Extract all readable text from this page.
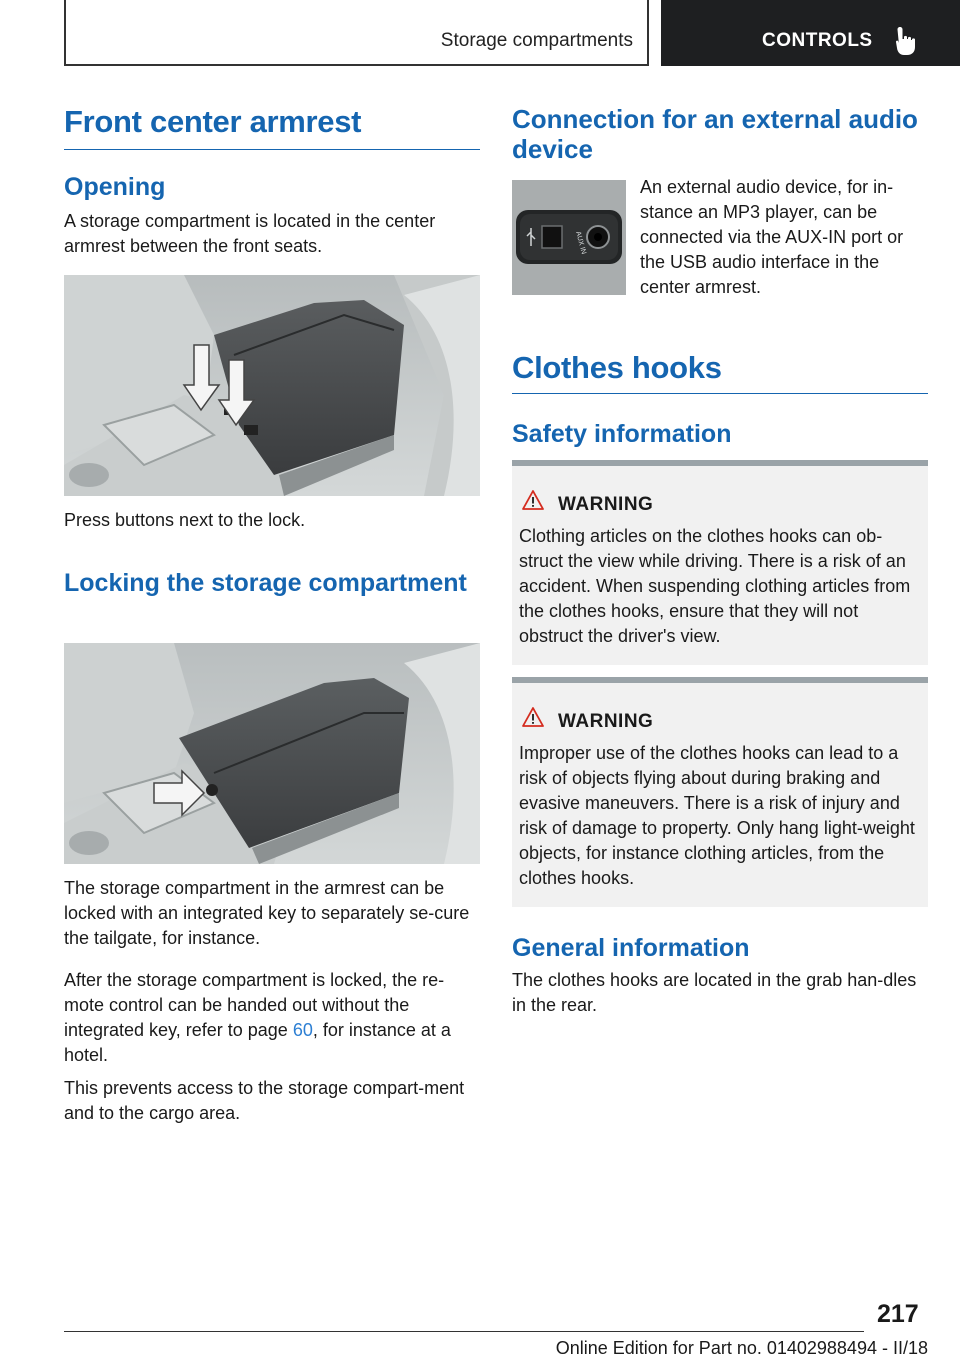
Storage compartments	CONTROLS
Front center armrest
Opening
A storage compartment is located in the center armrest between the front seats.
Press buttons next to the lock.
Locking the storage compartment
The storage compartment in the armrest can be locked with an integrated key to separately se-cure the tailgate, for instance.
After the storage compartment is locked, the re-mote control can be handed out without the integrated key, refer to page 60, for instance at a hotel.
This prevents access to the storage compart-ment and to the cargo area.
Connection for an external audio device
AUX IN
An external audio device, for in-stance an MP3 player, can be connected via the AUX-IN port or the USB audio interface in the center armrest.
Clothes hooks
Safety information
WARNING
Clothing articles on the clothes hooks can ob-struct the view while driving. There is a risk of an accident. When suspending clothing articles from the clothes hooks, ensure that they will not obstruct the driver's view.
WARNING
Improper use of the clothes hooks can lead to a risk of objects flying about during braking and evasive maneuvers. There is a risk of injury and risk of damage to property. Only hang light-weight objects, for instance clothing articles, from the clothes hooks.
General information
The clothes hooks are located in the grab han-dles in the rear.
217
Online Edition for Part no. 01402988494 - II/18
